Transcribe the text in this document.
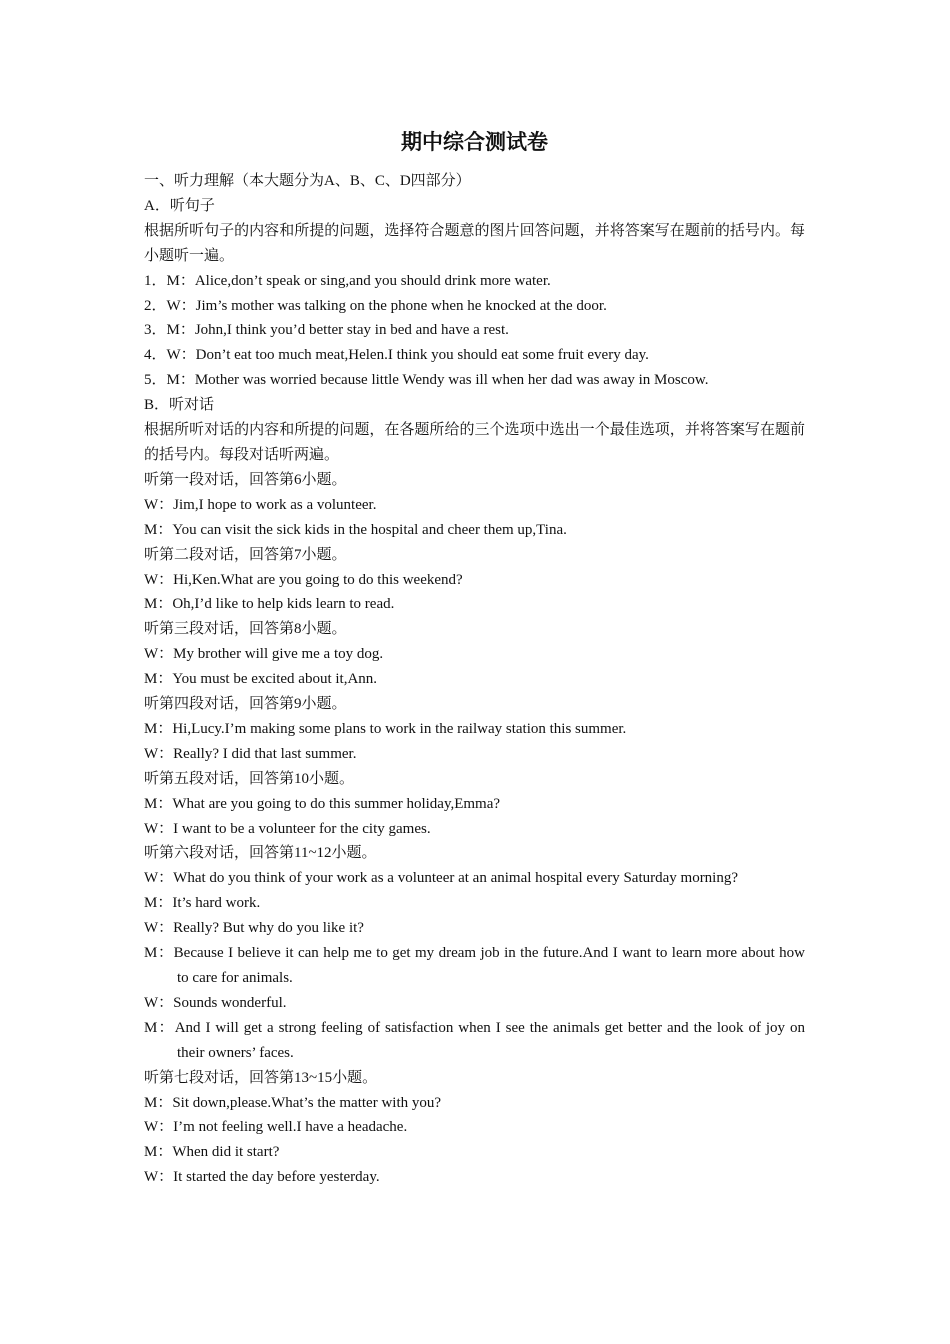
期中综合测试卷
一、听力理解（本大题分为A、B、C、D四部分）
A．听句子
根据所听句子的内容和所提的问题，选择符合题意的图片回答问题，并将答案写在题前的括号内。每小题听一遍。
1．M：Alice,don’t speak or sing,and you should drink more water.
2．W：Jim’s mother was talking on the phone when he knocked at the door.
3．M：John,I think you’d better stay in bed and have a rest.
4．W：Don’t eat too much meat,Helen.I think you should eat some fruit every day.
5．M：Mother was worried because little Wendy was ill when her dad was away in Moscow.
B．听对话
根据所听对话的内容和所提的问题，在各题所给的三个选项中选出一个最佳选项，并将答案写在题前的括号内。每段对话听两遍。
听第一段对话，回答第6小题。
W：Jim,I hope to work as a volunteer.
M：You can visit the sick kids in the hospital and cheer them up,Tina.
听第二段对话，回答第7小题。
W：Hi,Ken.What are you going to do this weekend?
M：Oh,I’d like to help kids learn to read.
听第三段对话，回答第8小题。
W：My brother will give me a toy dog.
M：You must be excited about it,Ann.
听第四段对话，回答第9小题。
M：Hi,Lucy.I’m making some plans to work in the railway station this summer.
W：Really? I did that last summer.
听第五段对话，回答第10小题。
M：What are you going to do this summer holiday,Emma?
W：I want to be a volunteer for the city games.
听第六段对话，回答第11~12小题。
W：What do you think of your work as a volunteer at an animal hospital every Saturday morning?
M：It’s hard work.
W：Really? But why do you like it?
M：Because I believe it can help me to get my dream job in the future.And I want to learn more about how to care for animals.
W：Sounds wonderful.
M：And I will get a strong feeling of satisfaction when I see the animals get better and the look of joy on their owners’ faces.
听第七段对话，回答第13~15小题。
M：Sit down,please.What’s the matter with you?
W：I’m not feeling well.I have a headache.
M：When did it start?
W：It started the day before yesterday.
